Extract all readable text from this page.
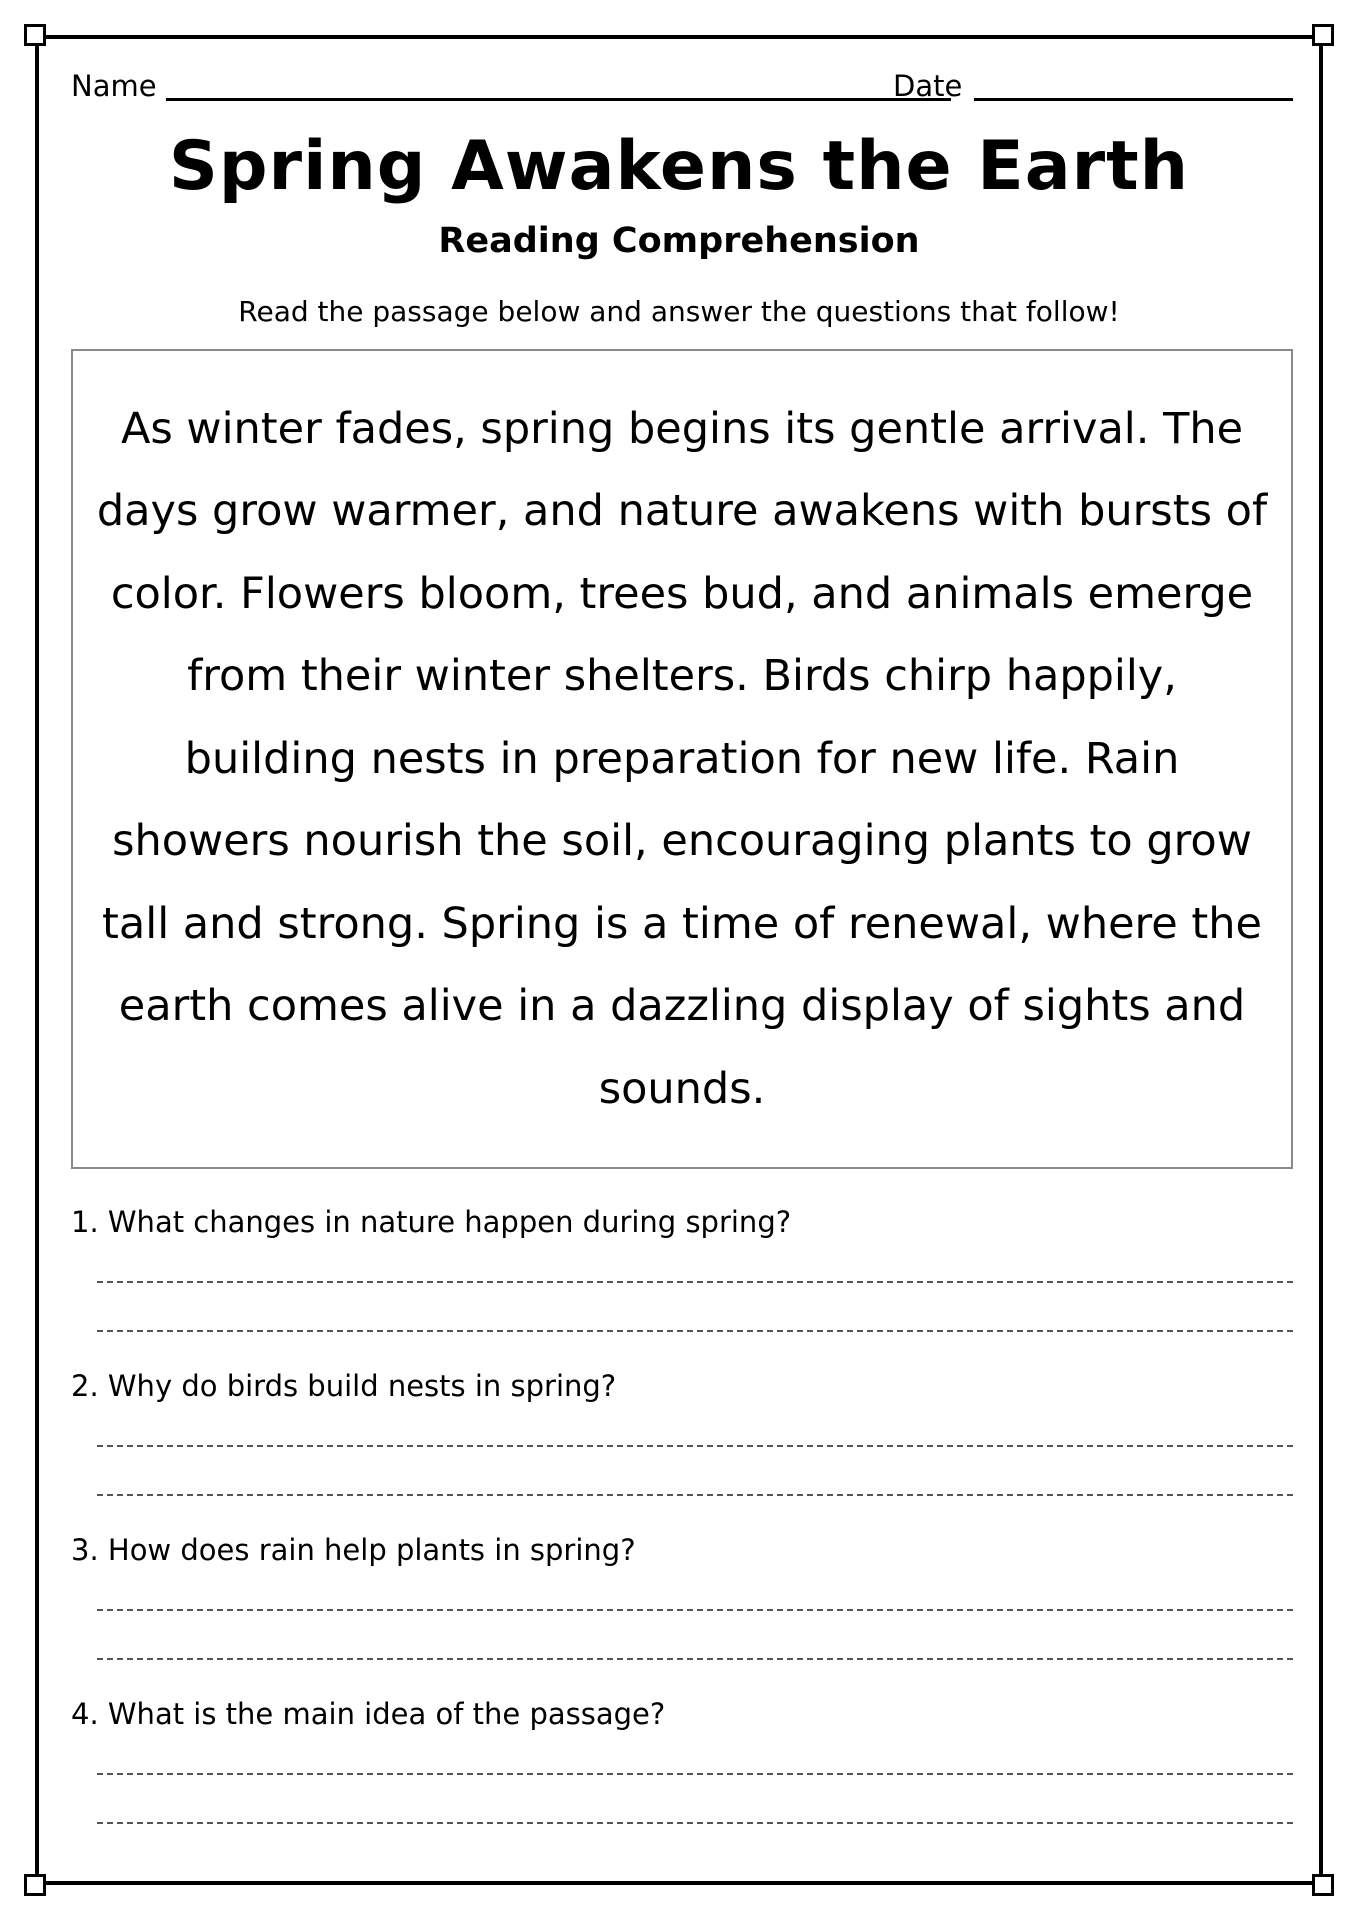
Name	Date
Spring Awakens the Earth
Reading Comprehension
Read the passage below and answer the questions that follow!

As winter fades, spring begins its gentle arrival. The days grow warmer, and nature awakens with bursts of color. Flowers bloom, trees bud, and animals emerge from their winter shelters. Birds chirp happily, building nests in preparation for new life. Rain showers nourish the soil, encouraging plants to grow tall and strong. Spring is a time of renewal, where the earth comes alive in a dazzling display of sights and sounds.

1. What changes in nature happen during spring?
2. Why do birds build nests in spring?
3. How does rain help plants in spring?
4. What is the main idea of the passage?
